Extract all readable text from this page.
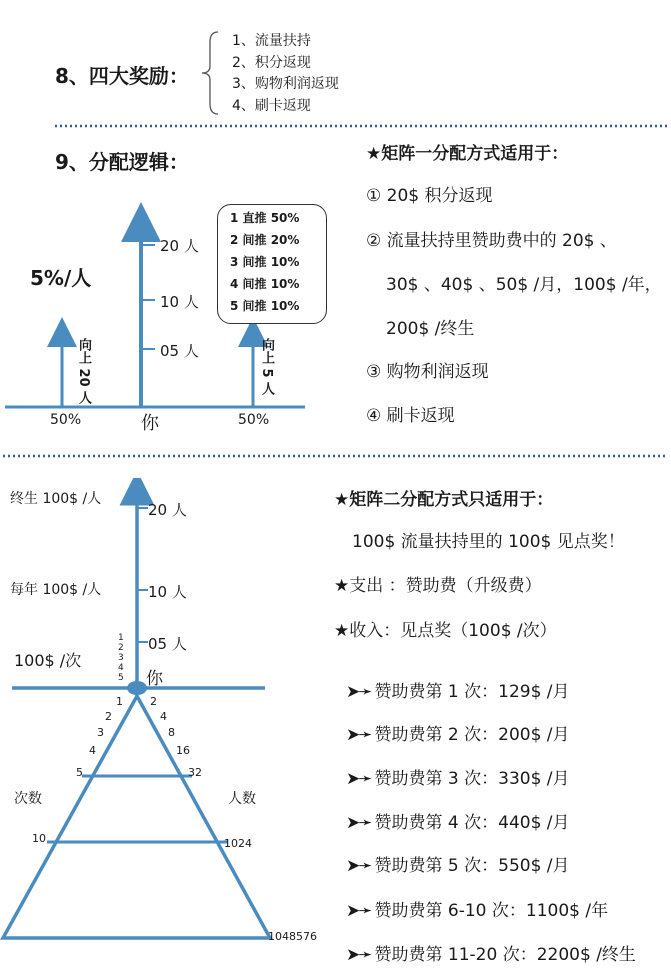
8、四大奖励：
1、流量扶持
2、积分返现
3、购物利润返现
4、刷卡返现
9、分配逻辑：
20 人
10 人
05 人
5%/人
向上 20 人	向上 5 人
你
50%	50%
1 直推 50%
2 间推 20%
3 间推 10%
4 间推 10%
5 间推 10%
★矩阵一分配方式适用于：
① 20$ 积分返现
② 流量扶持里赞助费中的 20$ 、
30$ 、40$ 、50$ /月，100$ /年，
200$ /终生
③ 购物利润返现
④ 刷卡返现
终生 100$ /人
每年 100$ /人
100$ /次
20 人
10 人
05 人
1
2
3
4
5 你
次数	人数
1
2
3
4
5
10
2
4
8
16
32
1024
1048576
★矩阵二分配方式只适用于：
100$ 流量扶持里的 100$ 见点奖！
★支出 ：赞助费（升级费）
★收入：见点奖（100$ /次）
➤➛ 赞助费第 1 次：129$ /月
➤➛ 赞助费第 2 次：200$ /月
➤➛ 赞助费第 3 次：330$ /月
➤➛ 赞助费第 4 次：440$ /月
➤➛ 赞助费第 5 次：550$ /月
➤➛ 赞助费第 6-10 次：1100$ /年
➤➛ 赞助费第 11-20 次：2200$ /终生
